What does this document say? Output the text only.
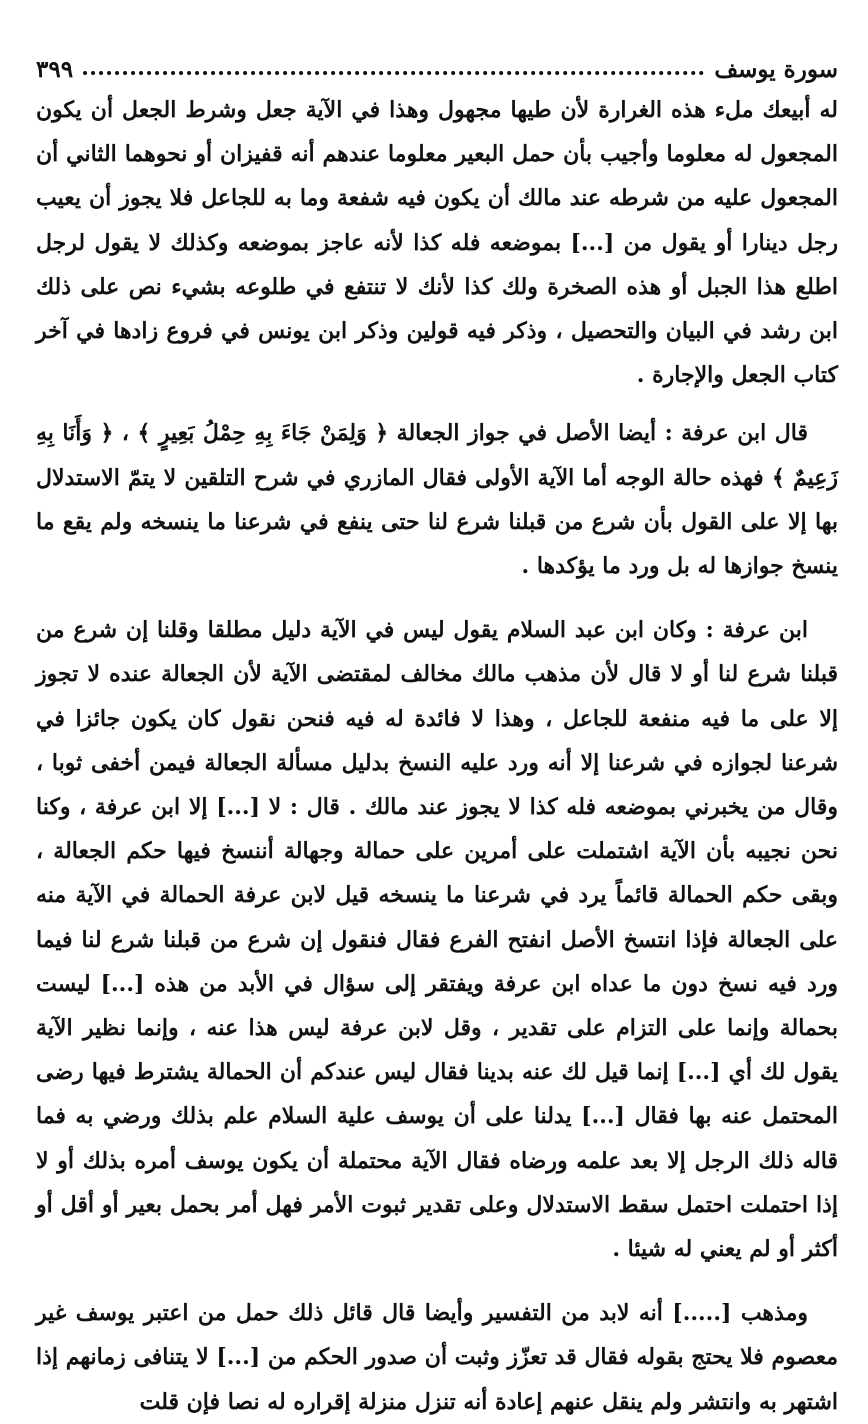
سورة يوسف
٣٩٩

له أبيعك ملء هذه الغرارة لأن طيها مجهول وهذا في الآية جعل وشرط الجعل أن يكون المجعول له معلوما وأجيب بأن حمل البعير معلوما عندهم أنه قفيزان أو نحوهما الثاني أن المجعول عليه من شرطه عند مالك أن يكون فيه شفعة وما به للجاعل فلا يجوز أن يعيب رجل دينارا أو يقول من [...] بموضعه فله كذا لأنه عاجز بموضعه وكذلك لا يقول لرجل اطلع هذا الجبل أو هذه الصخرة ولك كذا لأنك لا تنتفع في طلوعه بشيء نص على ذلك ابن رشد في البيان والتحصيل ، وذكر فيه قولين وذكر ابن يونس في فروع زادها في آخر كتاب الجعل والإجارة .

قال ابن عرفة : أيضا الأصل في جواز الجعالة ﴿ وَلِمَنْ جَاءَ بِهِ حِمْلُ بَعِيرٍ ﴾ ، ﴿ وَأَنَا بِهِ زَعِيمٌ ﴾ فهذه حالة الوجه أما الآية الأولى فقال المازري في شرح التلقين لا يتمّ الاستدلال بها إلا على القول بأن شرع من قبلنا شرع لنا حتى ينفع في شرعنا ما ينسخه ولم يقع ما ينسخ جوازها له بل ورد ما يؤكدها .

ابن عرفة : وكان ابن عبد السلام يقول ليس في الآية دليل مطلقا وقلنا إن شرع من قبلنا شرع لنا أو لا قال لأن مذهب مالك مخالف لمقتضى الآية لأن الجعالة عنده لا تجوز إلا على ما فيه منفعة للجاعل ، وهذا لا فائدة له فيه فنحن نقول كان يكون جائزا في شرعنا لجوازه في شرعنا إلا أنه ورد عليه النسخ بدليل مسألة الجعالة فيمن أخفى ثوبا ، وقال من يخبرني بموضعه فله كذا لا يجوز عند مالك . قال : لا [...] إلا ابن عرفة ، وكنا نحن نجيبه بأن الآية اشتملت على أمرين على حمالة وجهالة أننسخ فيها حكم الجعالة ، وبقى حكم الحمالة قائماً يرد في شرعنا ما ينسخه قيل لابن عرفة الحمالة في الآية منه على الجعالة فإذا انتسخ الأصل انفتح الفرع فقال فنقول إن شرع من قبلنا شرع لنا فيما ورد فيه نسخ دون ما عداه ابن عرفة ويفتقر إلى سؤال في الأبد من هذه [...] ليست بحمالة وإنما على التزام على تقدير ، وقل لابن عرفة ليس هذا عنه ، وإنما نظير الآية يقول لك أي [...] إنما قيل لك عنه بدينا فقال ليس عندكم أن الحمالة يشترط فيها رضى المحتمل عنه بها فقال [...] يدلنا على أن يوسف علية السلام علم بذلك ورضي به فما قاله ذلك الرجل إلا بعد علمه ورضاه فقال الآية محتملة أن يكون يوسف أمره بذلك أو لا إذا احتملت احتمل سقط الاستدلال وعلى تقدير ثبوت الأمر فهل أمر بحمل بعير أو أقل أو أكثر أو لم يعني له شيئا .

ومذهب [.....] أنه لابد من التفسير وأيضا قال قائل ذلك حمل من اعتبر يوسف غير معصوم فلا يحتج بقوله فقال قد تعزّز وثبت أن صدور الحكم من [...] لا يتنافى زمانهم إذا اشتهر به وانتشر ولم ينقل عنهم إعادة أنه تنزل منزلة إقراره له نصا فإن قلت
